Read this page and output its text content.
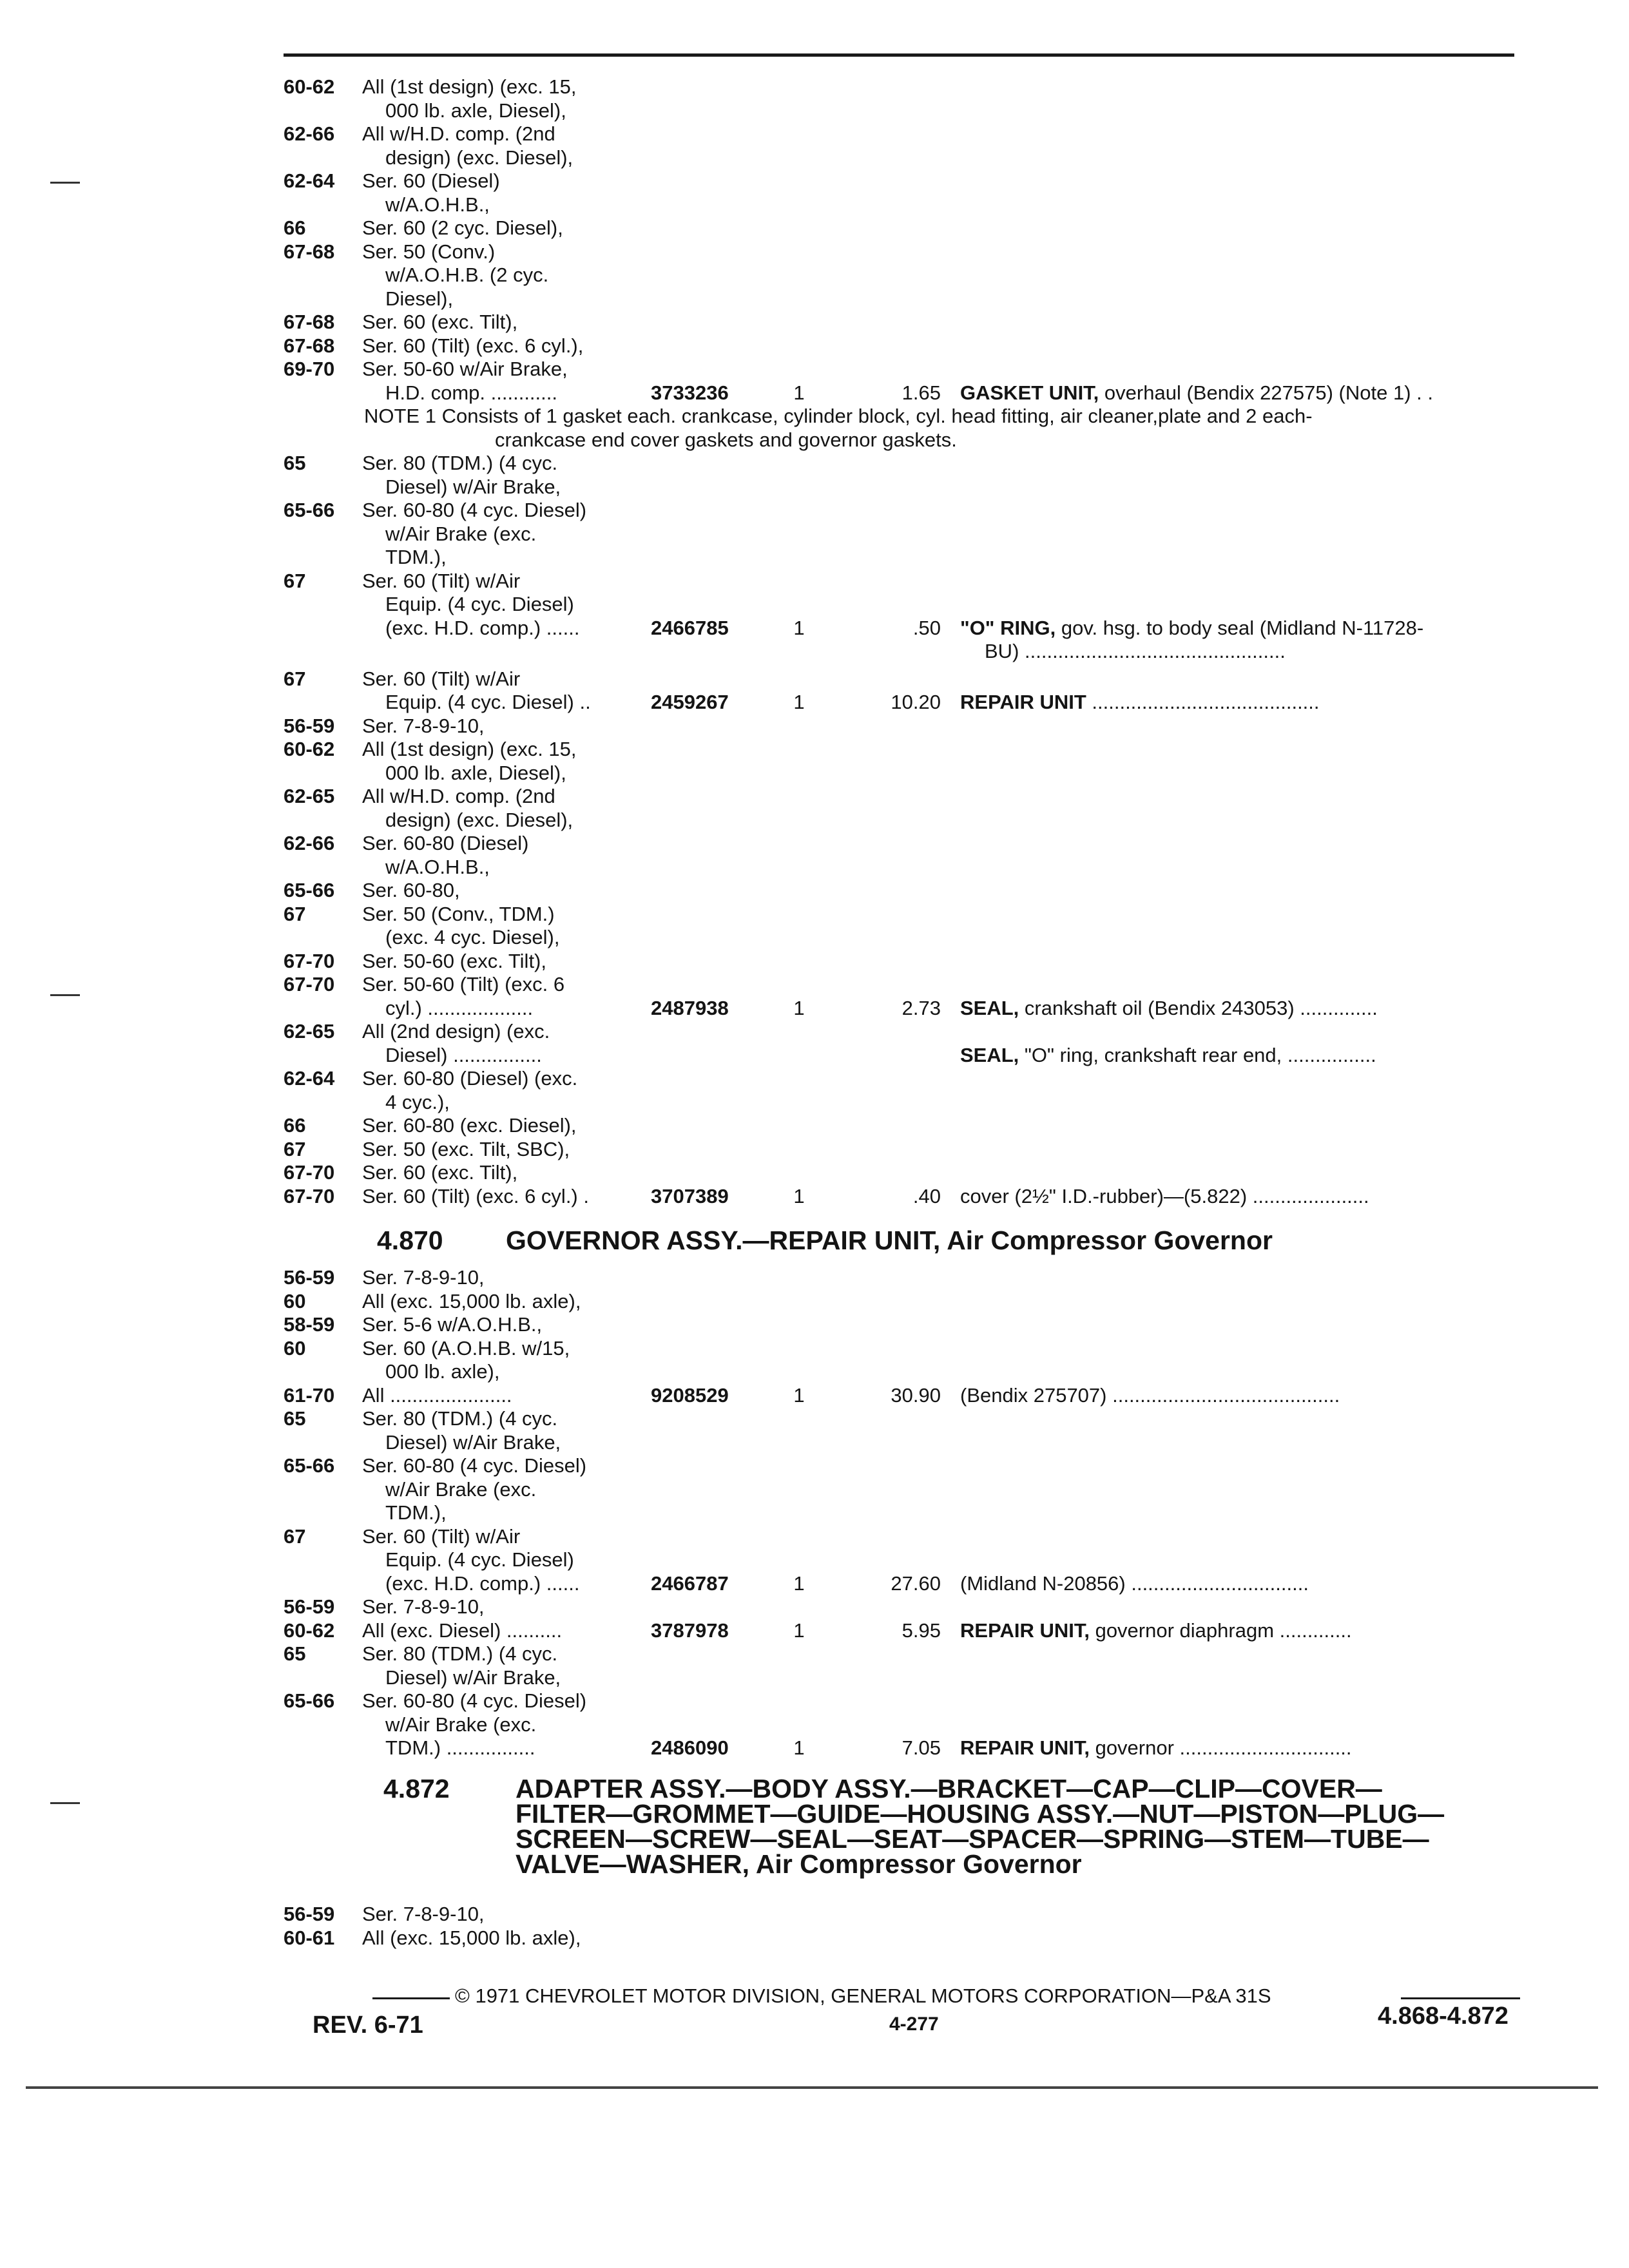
60-62 All (1st design) (exc. 15,
000 lb. axle, Diesel),
62-66 All w/H.D. comp. (2nd
design) (exc. Diesel),
62-64 Ser. 60 (Diesel)
w/A.O.H.B.,
66	Ser. 60 (2 cyc. Diesel),
67-68 Ser. 50 (Conv.)
w/A.O.H.B. (2 cyc.
Diesel),
67-68 Ser. 60 (exc. Tilt),
67-68 Ser. 60 (Tilt) (exc. 6 cyl.),
69-70 Ser. 50-60 w/Air Brake,
H.D. comp. ............	3733236	1	1.65 GASKET UNIT, overhaul (Bendix 227575) (Note 1) . .
NOTE 1 Consists of 1 gasket each. crankcase, cylinder block, cyl. head fitting, air cleaner,plate and 2 each-
crankcase end cover gaskets and governor gaskets.
65	Ser. 80 (TDM.) (4 cyc.
Diesel) w/Air Brake,
65-66 Ser. 60-80 (4 cyc. Diesel)
w/Air Brake (exc.
TDM.),
67	Ser. 60 (Tilt) w/Air
Equip. (4 cyc. Diesel)
(exc. H.D. comp.) ......	2466785	1	.50 "O" RING, gov. hsg. to body seal (Midland N-11728-
BU) ...............................................
67	Ser. 60 (Tilt) w/Air
Equip. (4 cyc. Diesel) ..	2459267	1	10.20 REPAIR UNIT .........................................
56-59 Ser. 7-8-9-10,
60-62 All (1st design) (exc. 15,
000 lb. axle, Diesel),
62-65 All w/H.D. comp. (2nd
design) (exc. Diesel),
62-66 Ser. 60-80 (Diesel)
w/A.O.H.B.,
65-66 Ser. 60-80,
67	Ser. 50 (Conv., TDM.)
(exc. 4 cyc. Diesel),
67-70 Ser. 50-60 (exc. Tilt),
67-70 Ser. 50-60 (Tilt) (exc. 6
cyl.) ...................	2487938	1	2.73 SEAL, crankshaft oil (Bendix 243053) ..............
62-65 All (2nd design) (exc.
Diesel) ................	SEAL, "O" ring, crankshaft rear end, ................
62-64 Ser. 60-80 (Diesel) (exc.
4 cyc.),
66	Ser. 60-80 (exc. Diesel),
67	Ser. 50 (exc. Tilt, SBC),
67-70 Ser. 60 (exc. Tilt),
67-70 Ser. 60 (Tilt) (exc. 6 cyl.) .	3707389	1	.40 cover (2½" I.D.-rubber)—(5.822) .....................
4.870 GOVERNOR ASSY.—REPAIR UNIT, Air Compressor Governor
56-59 Ser. 7-8-9-10,
60	All (exc. 15,000 lb. axle),
58-59 Ser. 5-6 w/A.O.H.B.,
60	Ser. 60 (A.O.H.B. w/15,
000 lb. axle),
61-70 All ......................	9208529	1	30.90 (Bendix 275707) .........................................
65	Ser. 80 (TDM.) (4 cyc.
Diesel) w/Air Brake,
65-66 Ser. 60-80 (4 cyc. Diesel)
w/Air Brake (exc.
TDM.),
67	Ser. 60 (Tilt) w/Air
Equip. (4 cyc. Diesel)
(exc. H.D. comp.) ......	2466787	1	27.60 (Midland N-20856) ................................
56-59 Ser. 7-8-9-10,
60-62 All (exc. Diesel) ..........	3787978	1	5.95 REPAIR UNIT, governor diaphragm .............
65	Ser. 80 (TDM.) (4 cyc.
Diesel) w/Air Brake,
65-66 Ser. 60-80 (4 cyc. Diesel)
w/Air Brake (exc.
TDM.) ................	2486090	1	7.05 REPAIR UNIT, governor ...............................
4.872 ADAPTER ASSY.—BODY ASSY.—BRACKET—CAP—CLIP—COVER—
FILTER—GROMMET—GUIDE—HOUSING ASSY.—NUT—PISTON—PLUG—
SCREEN—SCREW—SEAL—SEAT—SPACER—SPRING—STEM—TUBE—
VALVE—WASHER, Air Compressor Governor
56-59 Ser. 7-8-9-10,
60-61 All (exc. 15,000 lb. axle),
© 1971 CHEVROLET MOTOR DIVISION, GENERAL MOTORS CORPORATION—P&A 31S
REV. 6-71	4-277	4.868-4.872
